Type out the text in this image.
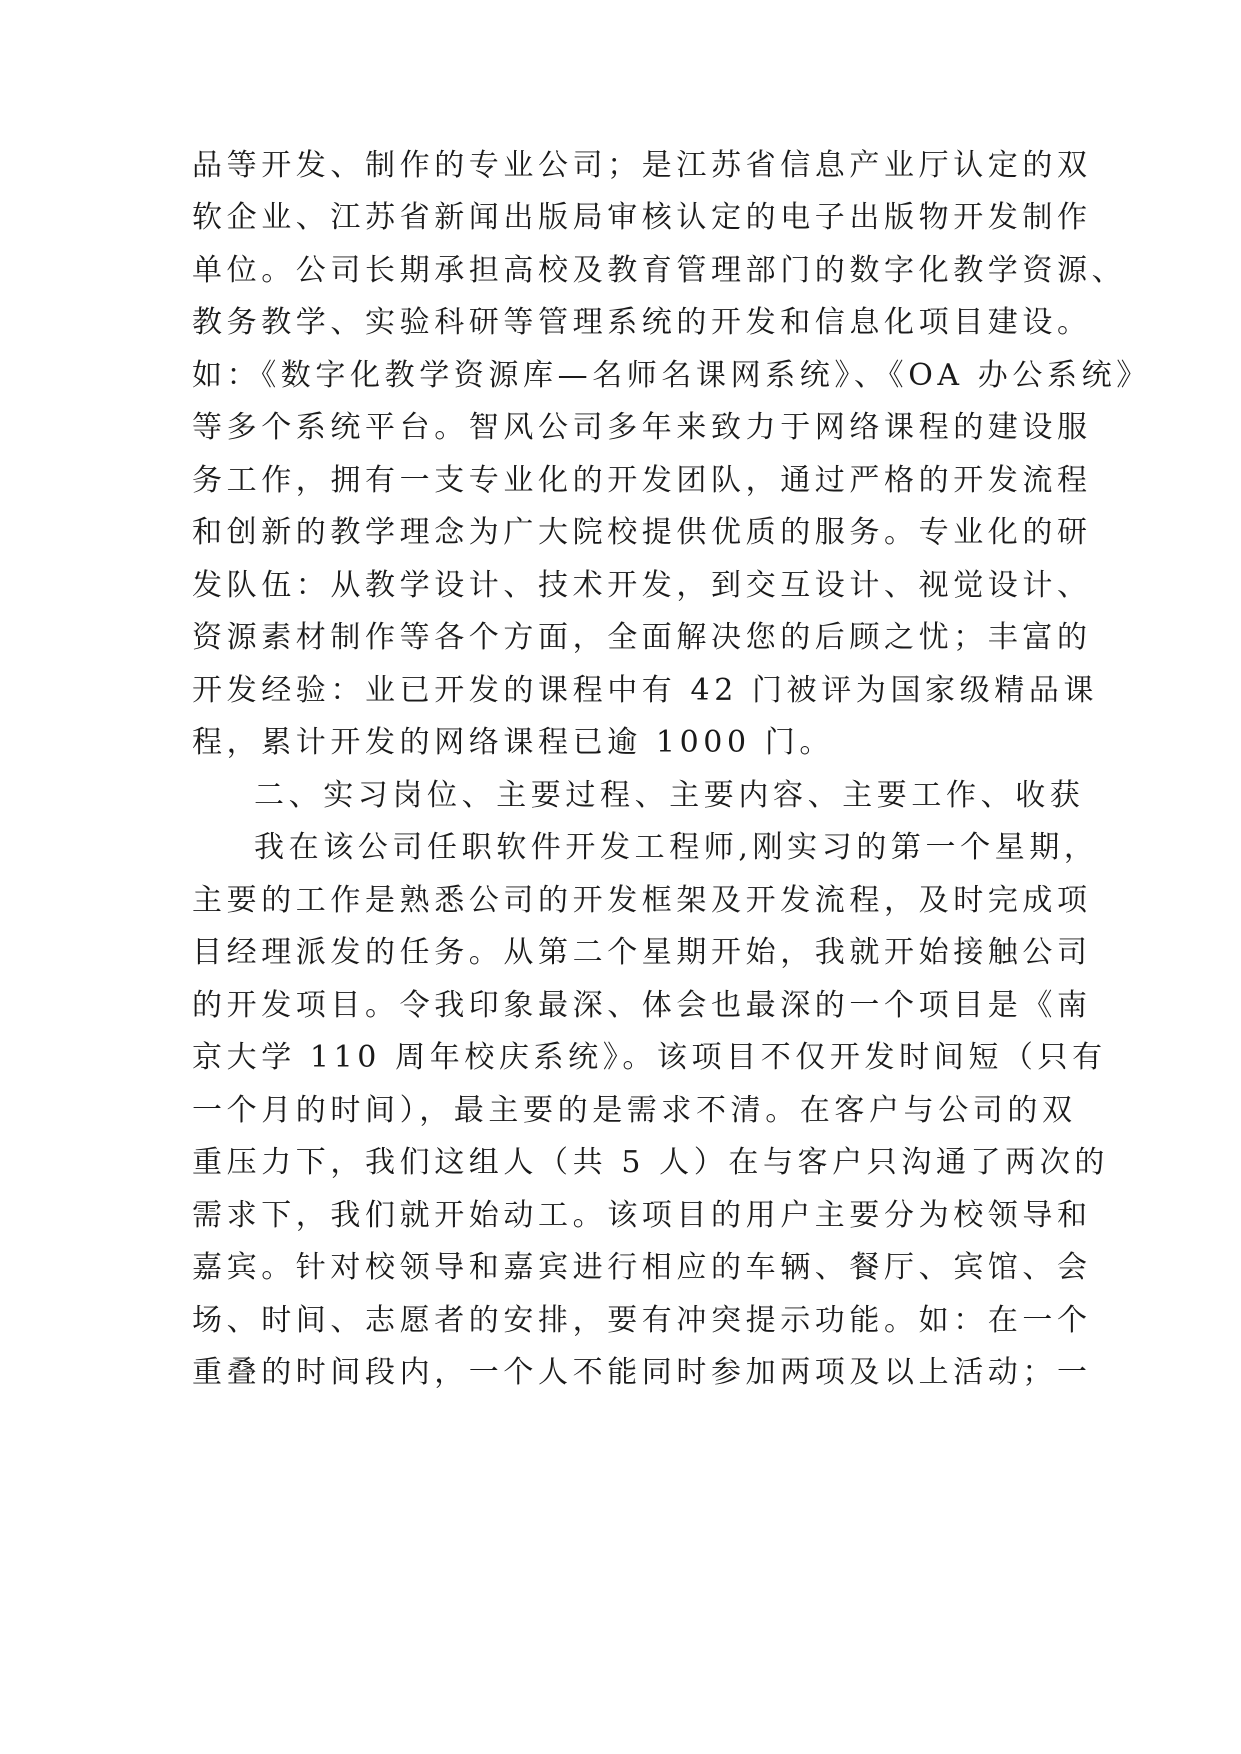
品等开发、制作的专业公司；是江苏省信息产业厅认定的双
软企业、江苏省新闻出版局审核认定的电子出版物开发制作
单位。公司长期承担高校及教育管理部门的数字化教学资源、
教务教学、实验科研等管理系统的开发和信息化项目建设。
如：《数字化教学资源库—名师名课网系统》、《OA 办公系统》
等多个系统平台。智风公司多年来致力于网络课程的建设服
务工作，拥有一支专业化的开发团队，通过严格的开发流程
和创新的教学理念为广大院校提供优质的服务。专业化的研
发队伍：从教学设计、技术开发，到交互设计、视觉设计、
资源素材制作等各个方面，全面解决您的后顾之忧；丰富的
开发经验：业已开发的课程中有 42 门被评为国家级精品课
程，累计开发的网络课程已逾 1000 门。
二、实习岗位、主要过程、主要内容、主要工作、收获
我在该公司任职软件开发工程师,刚实习的第一个星期，
主要的工作是熟悉公司的开发框架及开发流程，及时完成项
目经理派发的任务。从第二个星期开始，我就开始接触公司
的开发项目。令我印象最深、体会也最深的一个项目是《南
京大学 110 周年校庆系统》。该项目不仅开发时间短（只有
一个月的时间），最主要的是需求不清。在客户与公司的双
重压力下，我们这组人（共 5 人）在与客户只沟通了两次的
需求下，我们就开始动工。该项目的用户主要分为校领导和
嘉宾。针对校领导和嘉宾进行相应的车辆、餐厅、宾馆、会
场、时间、志愿者的安排，要有冲突提示功能。如：在一个
重叠的时间段内，一个人不能同时参加两项及以上活动；一
